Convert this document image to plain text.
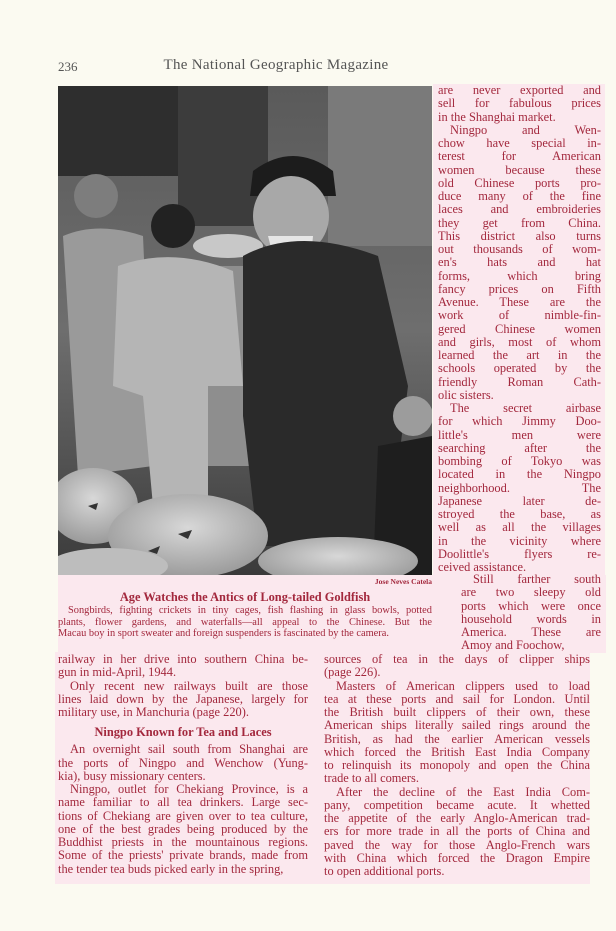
236	The National Geographic Magazine
Jose Neves Catela
Age Watches the Antics of Long-tailed Goldfish
Songbirds, fighting crickets in tiny cages, fish flashing in glass bowls, potted
plants, flower gardens, and waterfalls—all appeal to the Chinese. But the
Macau boy in sport sweater and foreign suspenders is fascinated by the camera.
are never exported and
sell for fabulous prices
in the Shanghai market.
Ningpo and Wen-
chow have special in-
terest for American
women because these
old Chinese ports pro-
duce many of the fine
laces and embroideries
they get from China.
This district also turns
out thousands of wom-
en's hats and hat
forms, which bring
fancy prices on Fifth
Avenue. These are the
work of nimble-fin-
gered Chinese women
and girls, most of whom
learned the art in the
schools operated by the
friendly Roman Cath-
olic sisters.
The secret airbase
for which Jimmy Doo-
little's men were
searching after the
bombing of Tokyo was
located in the Ningpo
neighborhood. The
Japanese later de-
stroyed the base, as
well as all the villages
in the vicinity where
Doolittle's flyers re-
ceived assistance.
Still farther south
are two sleepy old
ports which were once
household words in
America. These are
Amoy and Foochow,
railway in her drive into southern China be-
gun in mid-April, 1944.
Only recent new railways built are those
lines laid down by the Japanese, largely for
military use, in Manchuria (page 220).
Ningpo Known for Tea and Laces
An overnight sail south from Shanghai are
the ports of Ningpo and Wenchow (Yung-
kia), busy missionary centers.
Ningpo, outlet for Chekiang Province, is a
name familiar to all tea drinkers. Large sec-
tions of Chekiang are given over to tea culture,
one of the best grades being produced by the
Buddhist priests in the mountainous regions.
Some of the priests' private brands, made from
the tender tea buds picked early in the spring,
sources of tea in the days of clipper ships
(page 226).
Masters of American clippers used to load
tea at these ports and sail for London. Until
the British built clippers of their own, these
American ships literally sailed rings around the
British, as had the earlier American vessels
which forced the British East India Company
to relinquish its monopoly and open the China
trade to all comers.
After the decline of the East India Com-
pany, competition became acute. It whetted
the appetite of the early Anglo-American trad-
ers for more trade in all the ports of China and
paved the way for those Anglo-French wars
with China which forced the Dragon Empire
to open additional ports.
